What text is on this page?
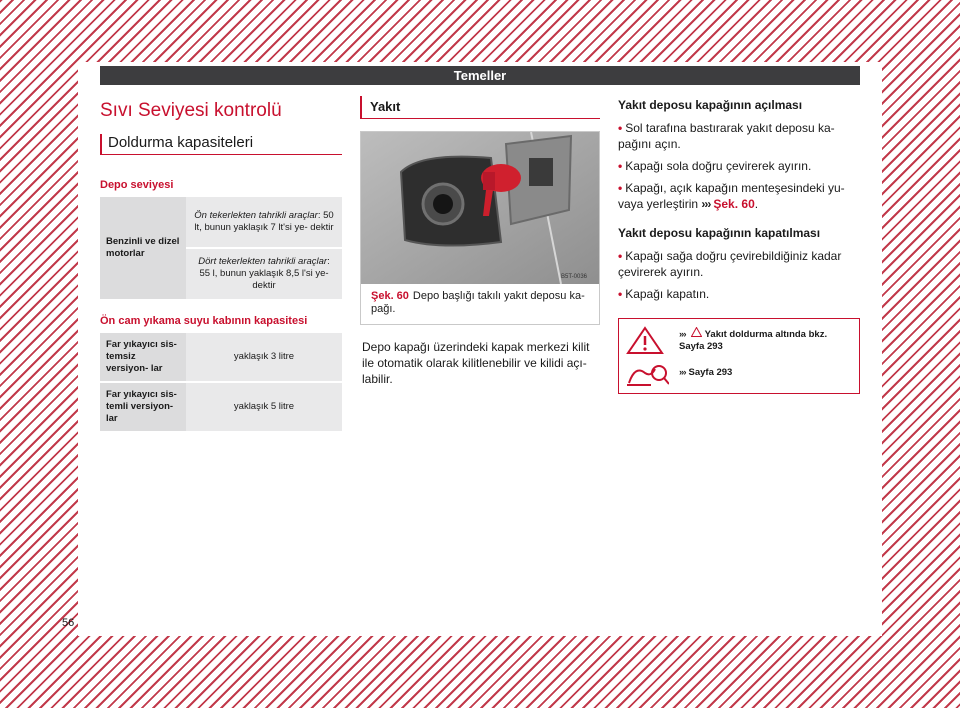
Temeller
Sıvı Seviyesi kontrolü
Doldurma kapasiteleri
Depo seviyesi
Benzinli ve dizel motorlar	Ön tekerlekten tahrikli araçlar: 50 lt, bunun yaklaşık 7 lt'si ye- dektir
Dört tekerlekten tahrikli araçlar: 55 l, bunun yaklaşık 8,5 l'si ye- dektir
Ön cam yıkama suyu kabının kapasitesi
Far yıkayıcı sis- temsiz versiyon- lar	yaklaşık 3 litre
Far yıkayıcı sis- temli versiyon- lar	yaklaşık 5 litre
Yakıt
B5T-0036
Şek. 60 Depo başlığı takılı yakıt deposu ka- pağı.
Depo kapağı üzerindeki kapak merkezi kilit ile otomatik olarak kilitlenebilir ve kilidi açı- labilir.
Yakıt deposu kapağının açılması
• Sol tarafına bastırarak yakıt deposu ka- pağını açın.
• Kapağı sola doğru çevirerek ayırın.
• Kapağı, açık kapağın menteşesindeki yu- vaya yerleştirin ››› Şek. 60.
Yakıt deposu kapağının kapatılması
• Kapağı sağa doğru çevirebildiğiniz kadar çevirerek ayırın.
• Kapağı kapatın.
››› Yakıt doldurma altında bkz. Sayfa 293
››› Sayfa 293
56
